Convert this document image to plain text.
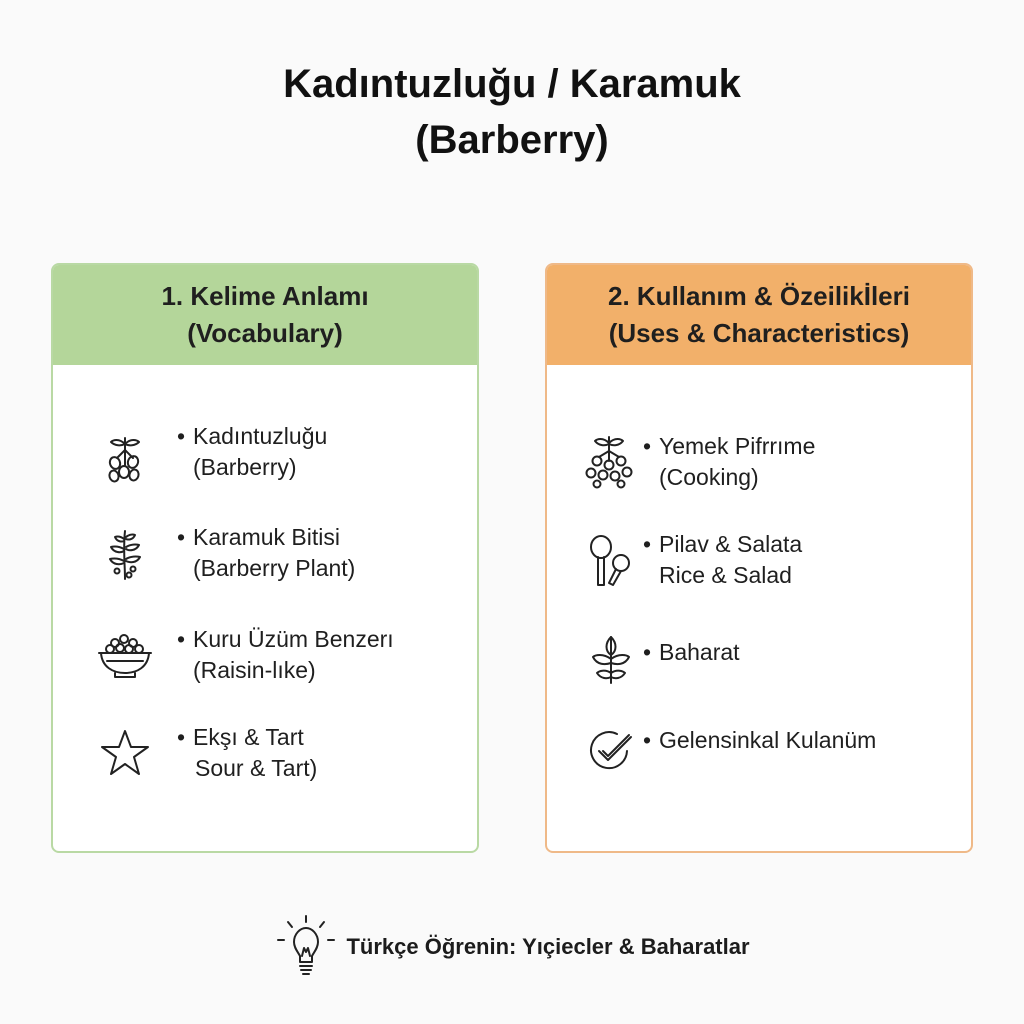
Kadıntuzluğu / Karamuk
(Barberry)
1. Kelime Anlamı
(Vocabulary)
• Kadıntuzluğu
(Barberry)
• Karamuk Bitisi
(Barberry Plant)
• Kuru Üzüm Benzerı
(Raisin-lıke)
• Ekşı & Tart
Sour & Tart)
2. Kullanım & Özeilikİleri
(Uses & Characteristics)
• Yemek Pifrrıme
(Cooking)
• Pilav & Salata
Rice & Salad
• Baharat
• Gelensinkal Kulanüm
Türkçe Öğrenin: Yıçiecler & Baharatlar
